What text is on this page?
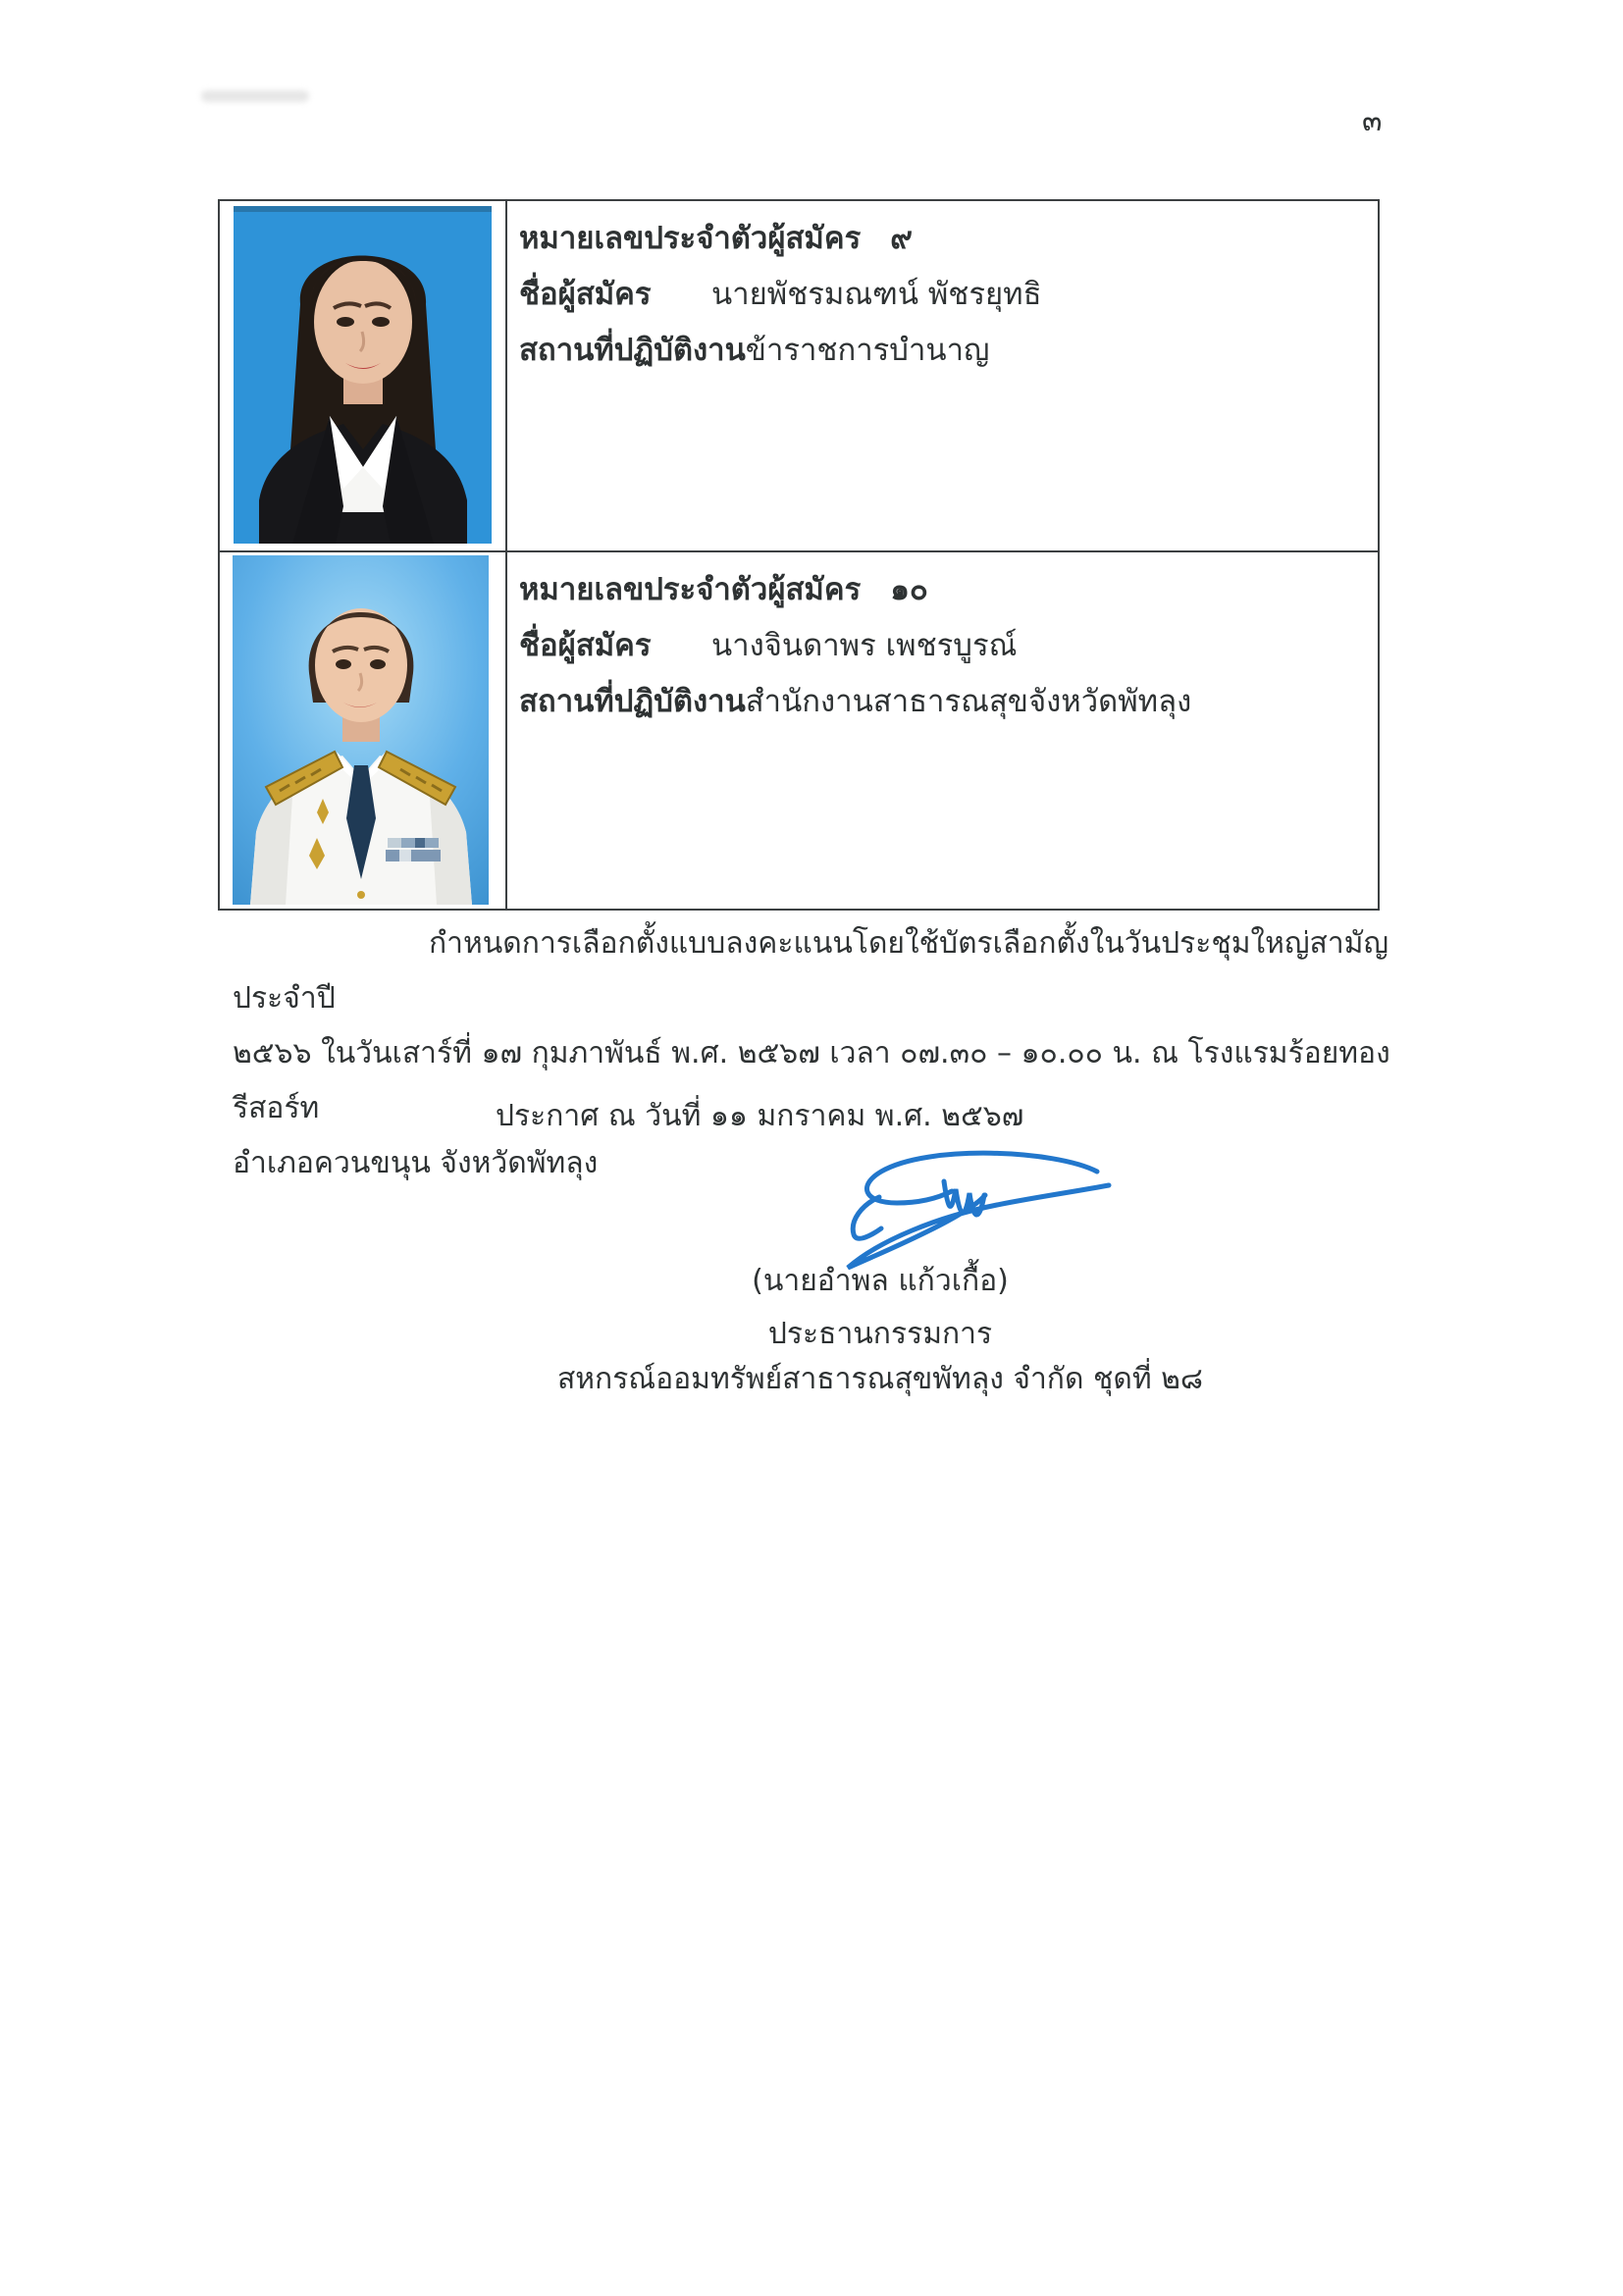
๓
หมายเลขประจำตัวผู้สมัคร ๙
ชื่อผู้สมัคร	นายพัชรมณฑน์ พัชรยุทธิ
สถานที่ปฏิบัติงาน ข้าราชการบำนาญ
หมายเลขประจำตัวผู้สมัคร ๑๐
ชื่อผู้สมัคร	นางจินดาพร เพชรบูรณ์
สถานที่ปฏิบัติงาน สำนักงานสาธารณสุขจังหวัดพัทลุง
กำหนดการเลือกตั้งแบบลงคะแนนโดยใช้บัตรเลือกตั้งในวันประชุมใหญ่สามัญประจำปี
๒๕๖๖ ในวันเสาร์ที่ ๑๗ กุมภาพันธ์ พ.ศ. ๒๕๖๗ เวลา ๐๗.๓๐ – ๑๐.๐๐ น. ณ โรงแรมร้อยทองรีสอร์ท
อำเภอควนขนุน จังหวัดพัทลุง
ประกาศ ณ วันที่ ๑๑ มกราคม พ.ศ. ๒๕๖๗
(นายอำพล แก้วเกื้อ)
ประธานกรรมการ
สหกรณ์ออมทรัพย์สาธารณสุขพัทลุง จำกัด ชุดที่ ๒๘
